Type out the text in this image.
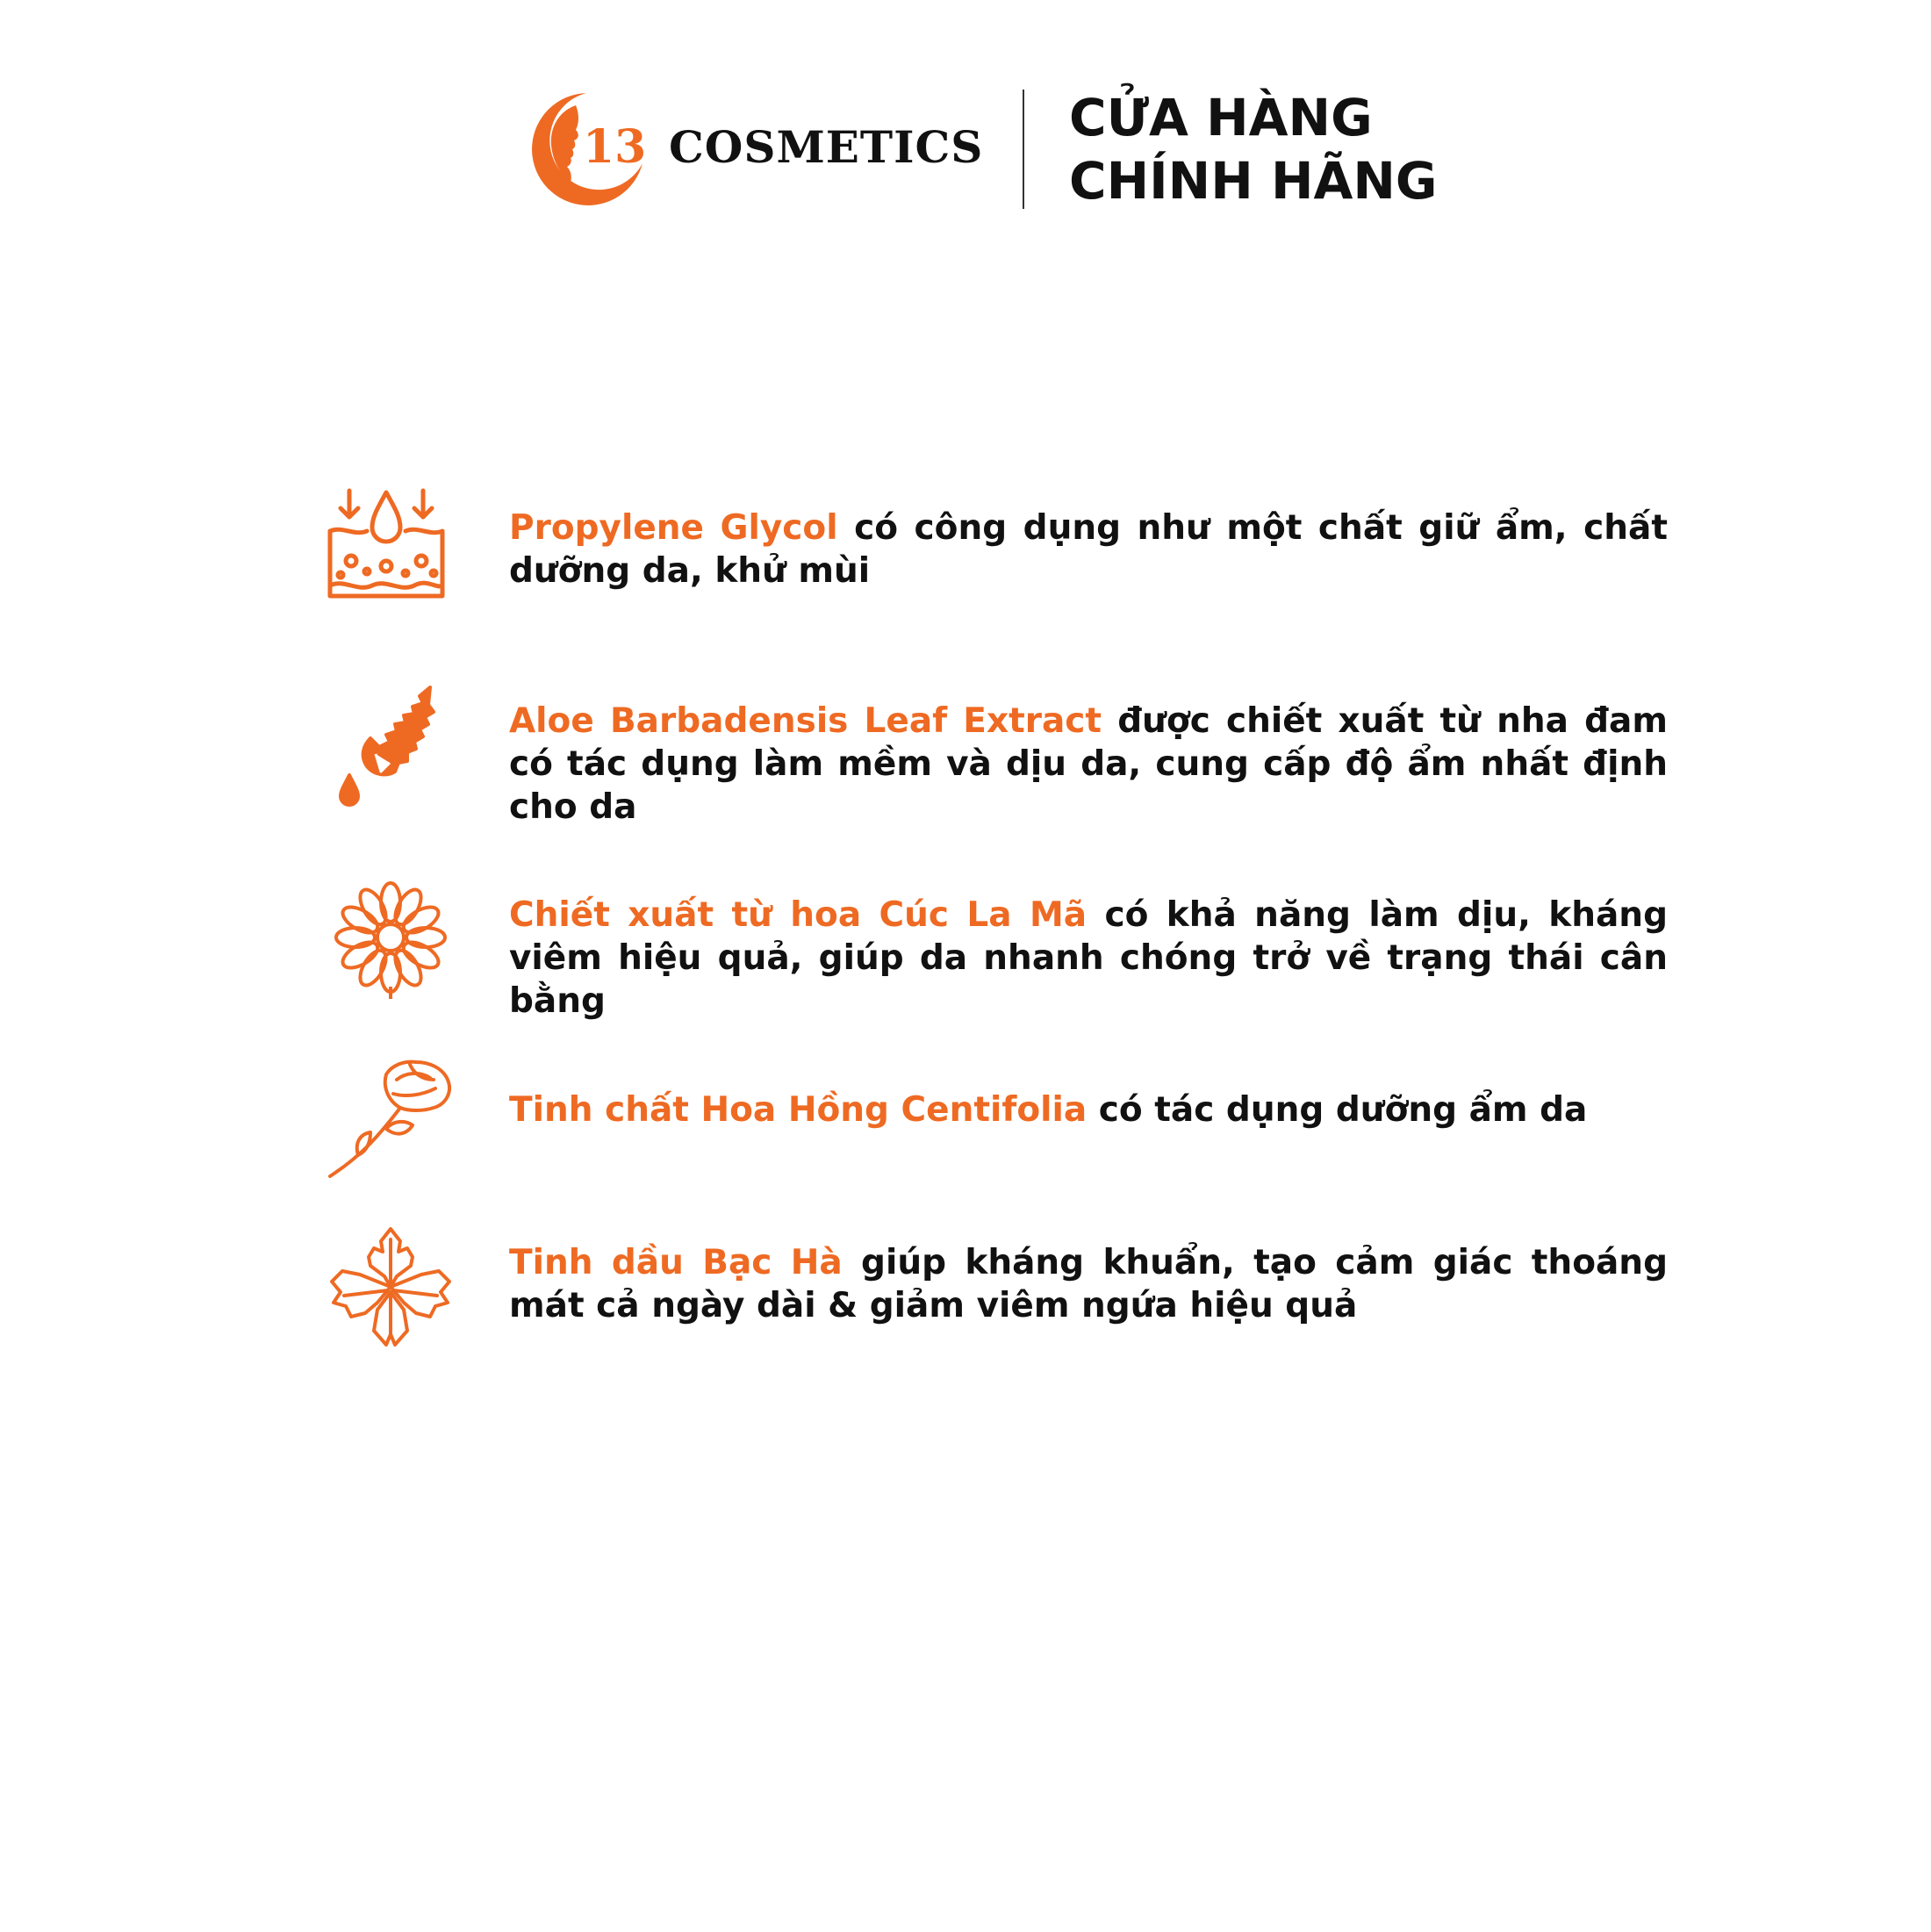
13 COSMETICS CỬA HÀNG
CHÍNH HÃNG
Propylene Glycol có công dụng như một chất giữ ẩm, chất dưỡng da, khử mùi
Aloe Barbadensis Leaf Extract được chiết xuất từ nha đam có tác dụng làm mềm và dịu da, cung cấp độ ẩm nhất định cho da
Chiết xuất từ hoa Cúc La Mã có khả năng làm dịu, kháng viêm hiệu quả, giúp da nhanh chóng trở về trạng thái cân bằng
Tinh chất Hoa Hồng Centifolia có tác dụng dưỡng ẩm da
Tinh dầu Bạc Hà giúp kháng khuẩn, tạo cảm giác thoáng mát cả ngày dài & giảm viêm ngứa hiệu quả
